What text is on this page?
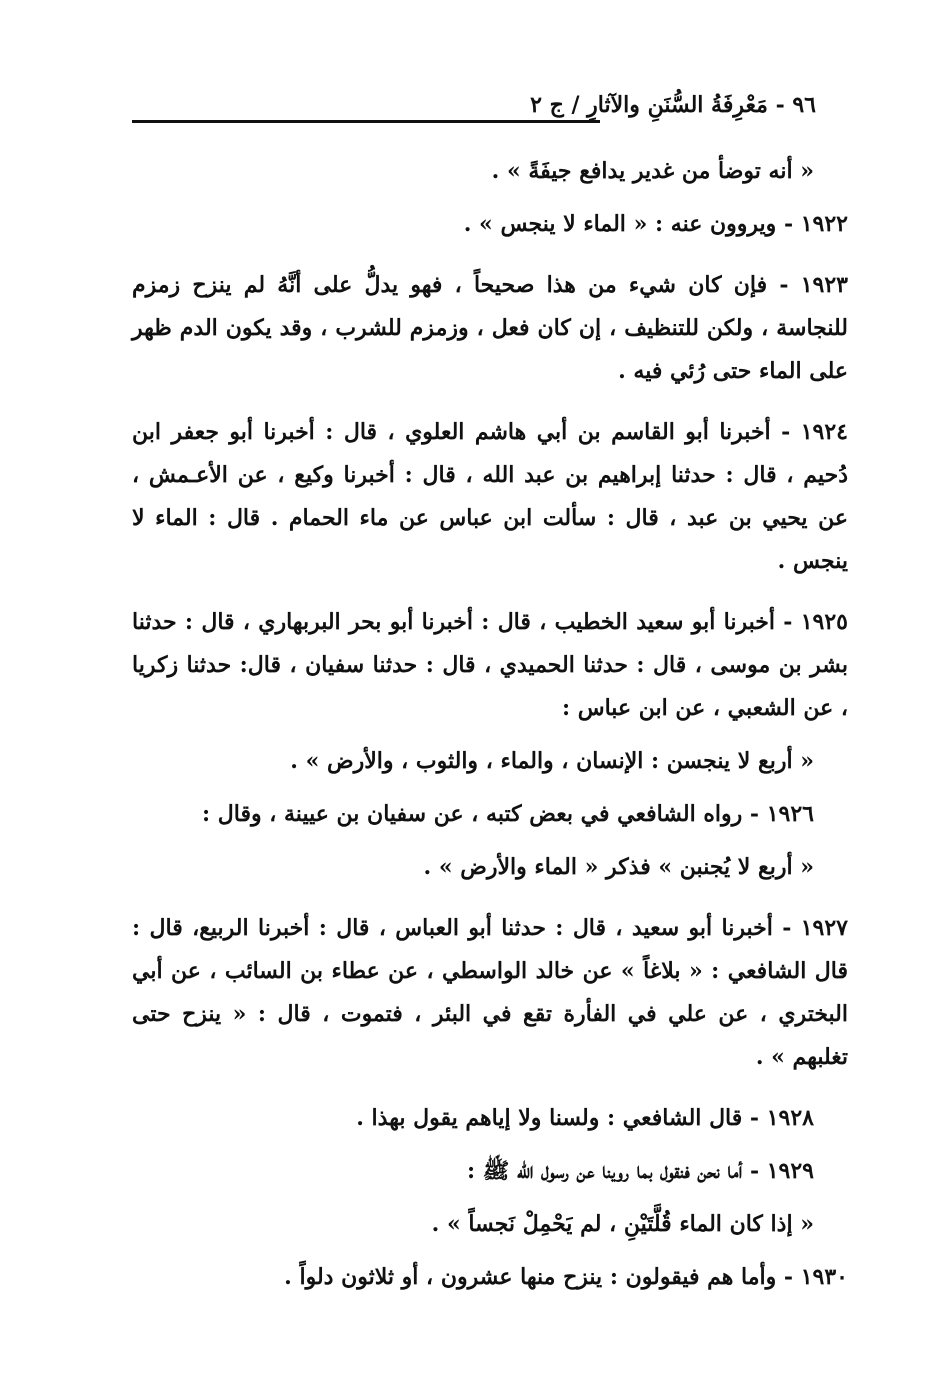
٩٦ - مَعْرِفَةُ السُّنَنِ والآثارِ / ج ٢

« أنه توضأ من غدير يدافع جيفَةً » .

١٩٢٢ - ويروون عنه : « الماء لا ينجس » .

١٩٢٣ - فإن كان شيء من هذا صحيحاً ، فهو يدلُّ على أنَّهُ لم ينزح زمزم للنجاسة ، ولكن للتنظيف ، إن كان فعل ، وزمزم للشرب ، وقد يكون الدم ظهر على الماء حتى رُئي فيه .

١٩٢٤ - أخبرنا أبو القاسم بن أبي هاشم العلوي ، قال : أخبرنا أبو جعفر ابن دُحيم ، قال : حدثنا إبراهيم بن عبد الله ، قال : أخبرنا وكيع ، عن الأعـمش ، عن يحيي بن عبد ، قال : سألت ابن عباس عن ماء الحمام . قال : الماء لا ينجس .

١٩٢٥ - أخبرنا أبو سعيد الخطيب ، قال : أخبرنا أبو بحر البربهاري ، قال : حدثنا بشر بن موسى ، قال : حدثنا الحميدي ، قال : حدثنا سفيان ، قال: حدثنا زكريا ، عن الشعبي ، عن ابن عباس :

« أربع لا ينجسن : الإنسان ، والماء ، والثوب ، والأرض » .

١٩٢٦ - رواه الشافعي في بعض كتبه ، عن سفيان بن عيينة ، وقال :

« أربع لا يُجنبن » فذكر « الماء والأرض » .

١٩٢٧ - أخبرنا أبو سعيد ، قال : حدثنا أبو العباس ، قال : أخبرنا الربيع، قال : قال الشافعي : « بلاغاً » عن خالد الواسطي ، عن عطاء بن السائب ، عن أبي البختري ، عن علي في الفأرة تقع في البئر ، فتموت ، قال : « ينزح حتى تغلبهم » .

١٩٢٨ - قال الشافعي : ولسنا ولا إياهم يقول بهذا .

١٩٢٩ - أما نحن فنقول بما روينا عن رسول الله ﷺ :

« إذا كان الماء قُلَّتَيْنِ ، لم يَحْمِلْ نَجساً » .

١٩٣٠ - وأما هم فيقولون : ينزح منها عشرون ، أو ثلاثون دلواً .
